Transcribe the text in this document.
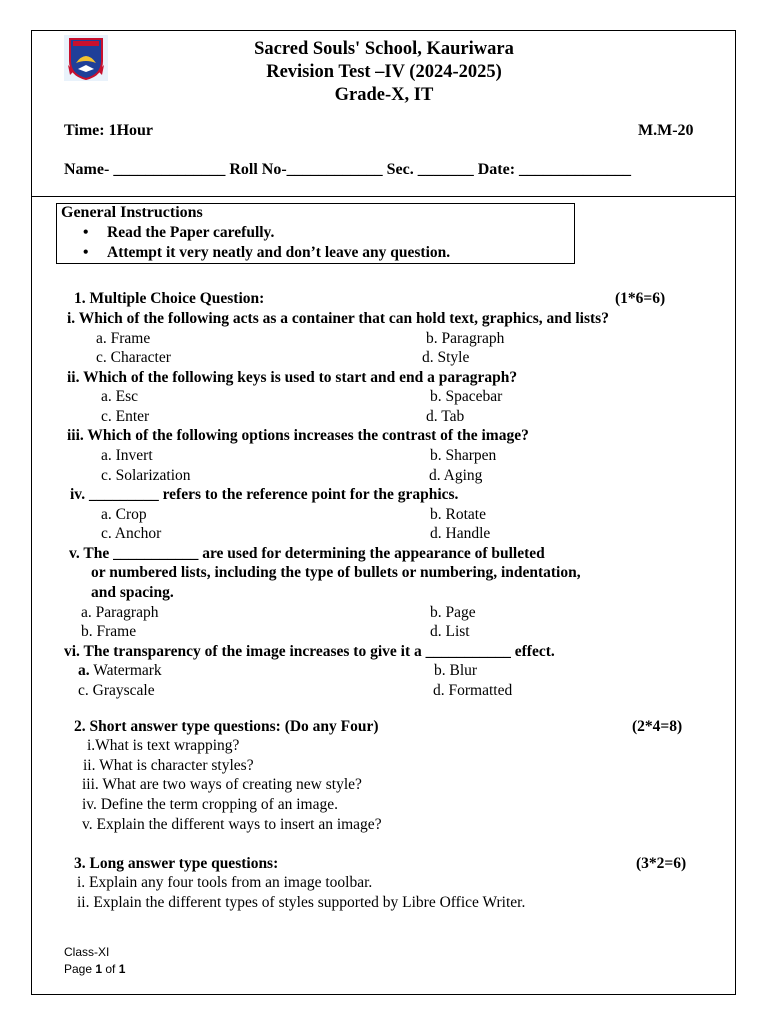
Sacred Souls' School, Kauriwara
Revision Test –IV (2024-2025)
Grade-X, IT
Time: 1Hour	M.M-20
Name- ______________ Roll No-____________ Sec. _______ Date: ______________
General Instructions
• Read the Paper carefully.
• Attempt it very neatly and don’t leave any question.
1. Multiple Choice Question:	(1*6=6)
i. Which of the following acts as a container that can hold text, graphics, and lists?
a. Frame	b. Paragraph
c. Character	d. Style
ii. Which of the following keys is used to start and end a paragraph?
a. Esc	b. Spacebar
c. Enter	d. Tab
iii. Which of the following options increases the contrast of the image?
a. Invert	b. Sharpen
c. Solarization	d. Aging
iv. _________ refers to the reference point for the graphics.
a. Crop	b. Rotate
c. Anchor	d. Handle
v. The ___________ are used for determining the appearance of bulleted
or numbered lists, including the type of bullets or numbering, indentation,
and spacing.
a. Paragraph	b. Page
b. Frame	d. List
vi. The transparency of the image increases to give it a ___________ effect.
a. Watermark	b. Blur
c. Grayscale	d. Formatted
2. Short answer type questions: (Do any Four)	(2*4=8)
i.What is text wrapping?
ii. What is character styles?
iii. What are two ways of creating new style?
iv. Define the term cropping of an image.
v. Explain the different ways to insert an image?
3. Long answer type questions:	(3*2=6)
i. Explain any four tools from an image toolbar.
ii. Explain the different types of styles supported by Libre Office Writer.
Class-XI
Page 1 of 1
